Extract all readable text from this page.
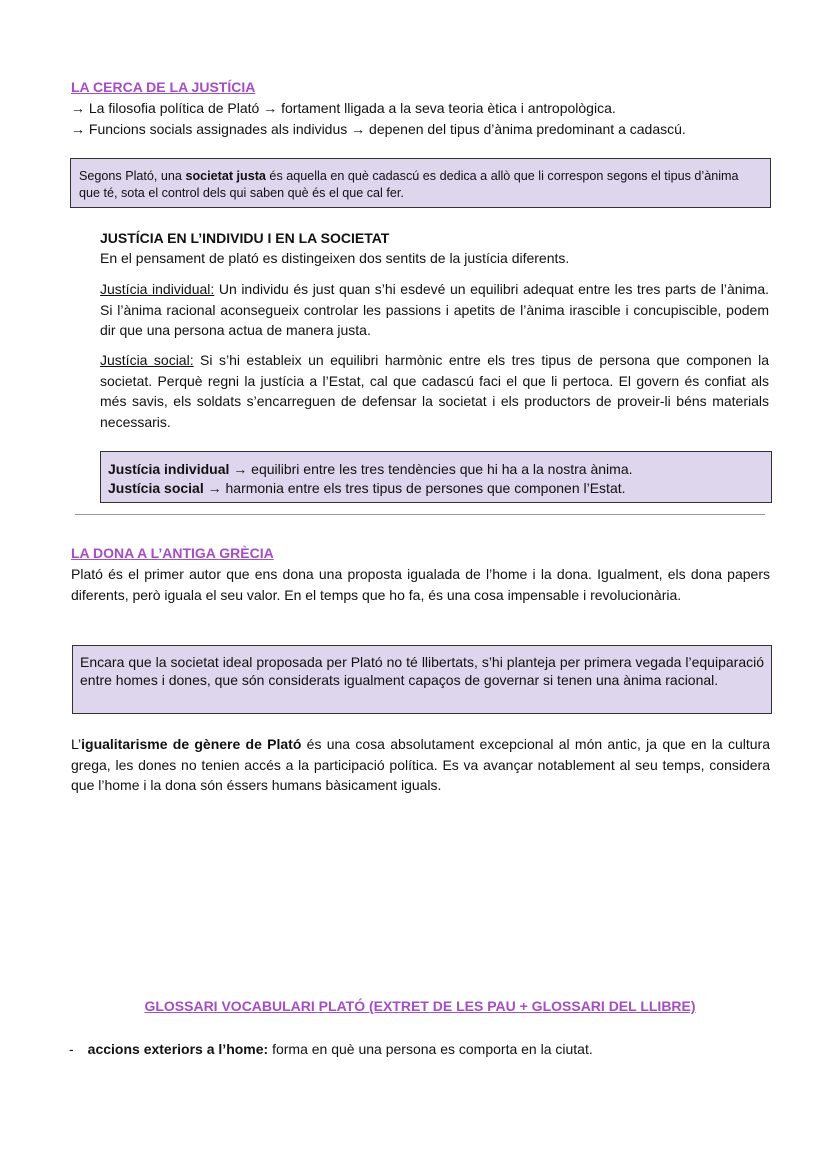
LA CERCA DE LA JUSTÍCIA
→ La filosofia política de Plató → fortament lligada a la seva teoria ètica i antropològica.
→ Funcions socials assignades als individus → depenen del tipus d’ànima predominant a cadascú.
Segons Plató, una societat justa és aquella en què cadascú es dedica a allò que li correspon segons el tipus d’ànima que té, sota el control dels qui saben què és el que cal fer.
JUSTÍCIA EN L’INDIVIDU I EN LA SOCIETAT
En el pensament de plató es distingeixen dos sentits de la justícia diferents.
Justícia individual: Un individu és just quan s’hi esdevé un equilibri adequat entre les tres parts de l’ànima. Si l’ànima racional aconsegueix controlar les passions i apetits de l’ànima irascible i concupiscible, podem dir que una persona actua de manera justa.
Justícia social: Si s’hi estableix un equilibri harmònic entre els tres tipus de persona que componen la societat. Perquè regni la justícia a l’Estat, cal que cadascú faci el que li pertoca. El govern és confiat als més savis, els soldats s’encarreguen de defensar la societat i els productors de proveir-li béns materials necessaris.
Justícia individual → equilibri entre les tres tendències que hi ha a la nostra ànima.
Justícia social → harmonia entre els tres tipus de persones que componen l’Estat.
LA DONA A L’ANTIGA GRÈCIA
Plató és el primer autor que ens dona una proposta igualada de l’home i la dona. Igualment, els dona papers diferents, però iguala el seu valor. En el temps que ho fa, és una cosa impensable i revolucionària.
Encara que la societat ideal proposada per Plató no té llibertats, s’hi planteja per primera vegada l’equiparació entre homes i dones, que són considerats igualment capaços de governar si tenen una ànima racional.
L’igualitarisme de gènere de Plató és una cosa absolutament excepcional al món antic, ja que en la cultura grega, les dones no tenien accés a la participació política. Es va avançar notablement al seu temps, considera que l’home i la dona són éssers humans bàsicament iguals.
GLOSSARI VOCABULARI PLATÓ (EXTRET DE LES PAU + GLOSSARI DEL LLIBRE)
- accions exteriors a l’home: forma en què una persona es comporta en la ciutat.
